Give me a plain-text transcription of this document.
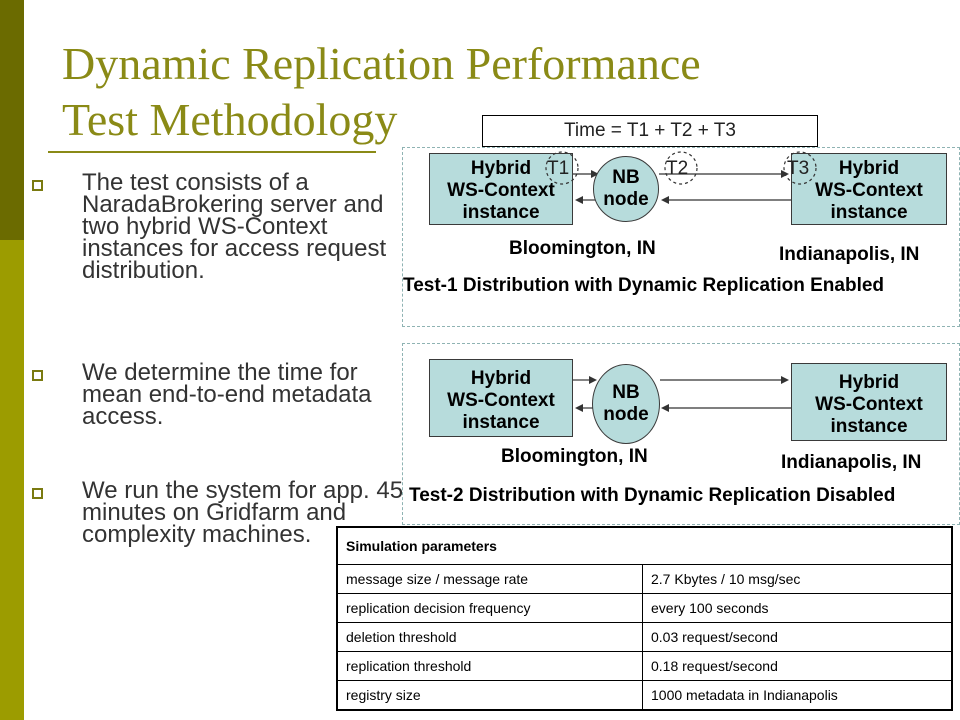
Dynamic Replication Performance
Test Methodology
The test consists of a NaradaBrokering server and two hybrid WS-Context instances for access request distribution.
We determine the time for mean end-to-end metadata access.
We run the system for app. 45 minutes on Gridfarm and complexity machines.
Time = T1 + T2 + T3
Hybrid
WS-Context
instance
NB
node
Hybrid
WS-Context
instance
T1	T2	T3
Bloomington, IN	Indianapolis, IN
Test-1 Distribution with Dynamic Replication Enabled
Hybrid
WS-Context
instance
NB
node
Hybrid
WS-Context
instance
Bloomington, IN	Indianapolis, IN
Test-2 Distribution with Dynamic Replication Disabled
Simulation parameters	
message size / message rate	2.7 Kbytes / 10 msg/sec
replication decision frequency	every 100 seconds
deletion threshold	0.03 request/second
replication threshold	0.18 request/second
registry size	1000 metadata in Indianapolis
